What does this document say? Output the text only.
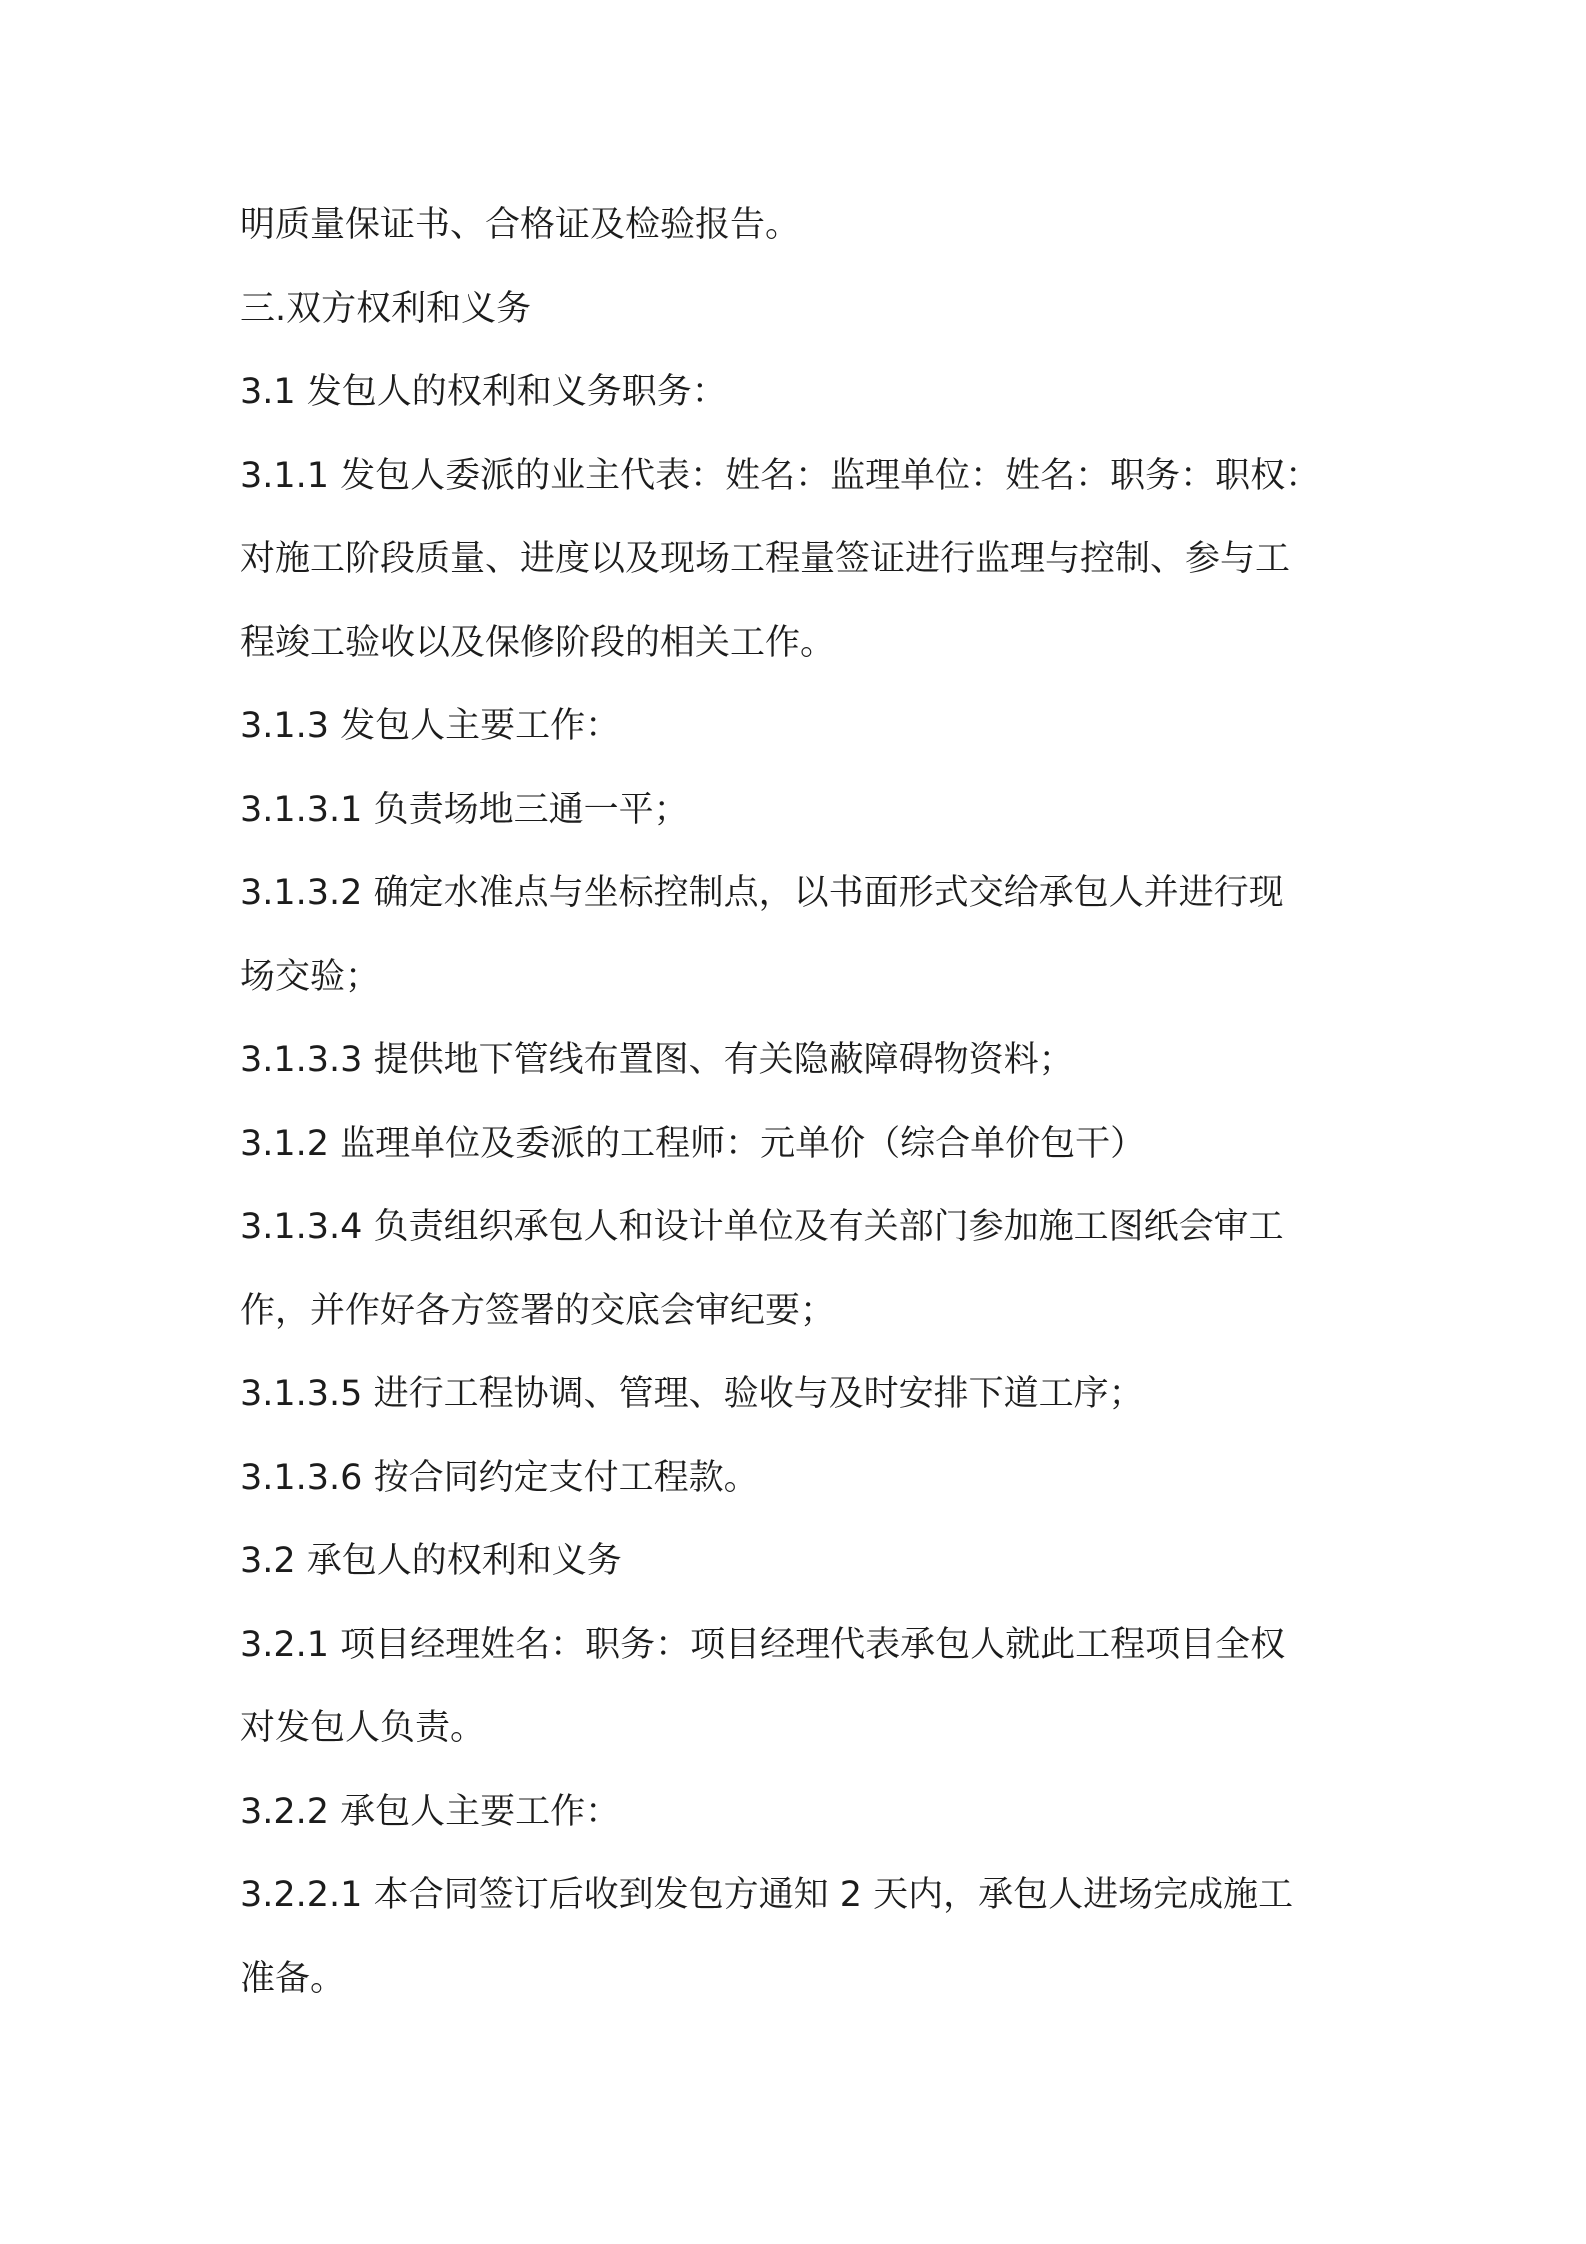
明质量保证书、合格证及检验报告。
三.双方权利和义务
3.1 发包人的权利和义务职务：
3.1.1 发包人委派的业主代表：姓名：监理单位：姓名：职务：职权：
对施工阶段质量、进度以及现场工程量签证进行监理与控制、参与工
程竣工验收以及保修阶段的相关工作。
3.1.3 发包人主要工作：
3.1.3.1 负责场地三通一平；
3.1.3.2 确定水准点与坐标控制点，以书面形式交给承包人并进行现
场交验；
3.1.3.3 提供地下管线布置图、有关隐蔽障碍物资料；
3.1.2 监理单位及委派的工程师：元单价（综合单价包干）
3.1.3.4 负责组织承包人和设计单位及有关部门参加施工图纸会审工
作，并作好各方签署的交底会审纪要；
3.1.3.5 进行工程协调、管理、验收与及时安排下道工序；
3.1.3.6 按合同约定支付工程款。
3.2 承包人的权利和义务
3.2.1 项目经理姓名：职务：项目经理代表承包人就此工程项目全权
对发包人负责。
3.2.2 承包人主要工作：
3.2.2.1 本合同签订后收到发包方通知 2 天内，承包人进场完成施工
准备。
